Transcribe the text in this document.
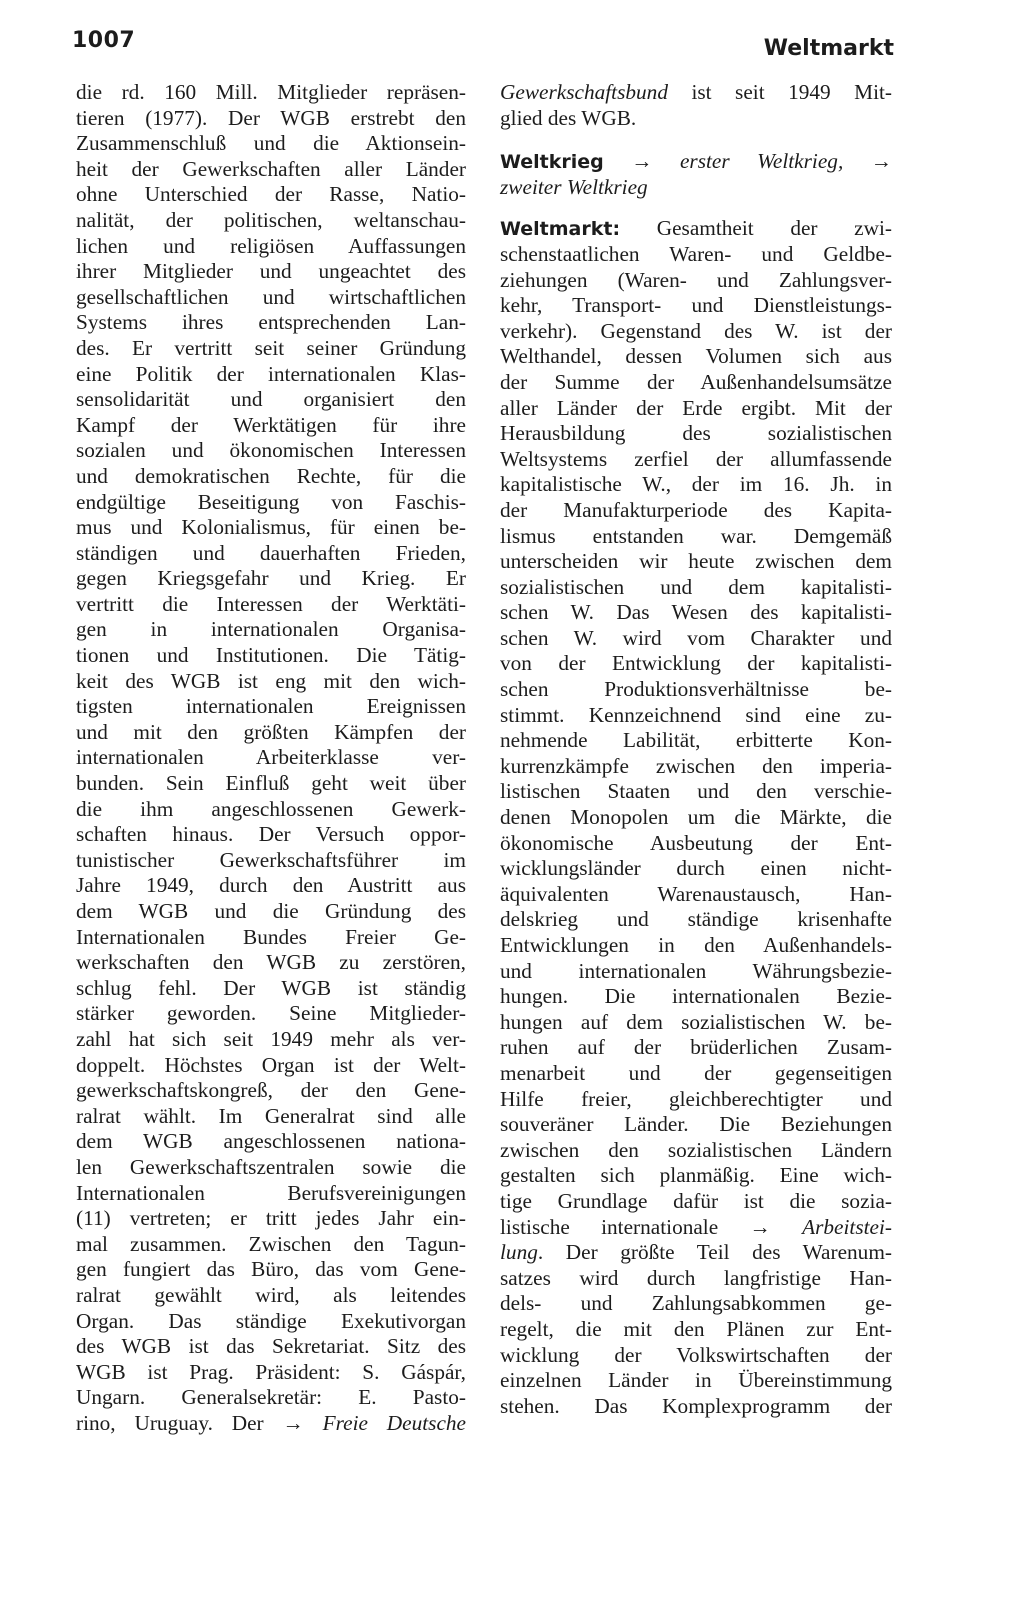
1007	Weltmarkt
die rd. 160 Mill. Mitglieder repräsen-
tieren (1977). Der WGB erstrebt den
Zusammenschluß und die Aktionsein-
heit der Gewerkschaften aller Länder
ohne Unterschied der Rasse, Natio-
nalität, der politischen, weltanschau-
lichen und religiösen Auffassungen
ihrer Mitglieder und ungeachtet des
gesellschaftlichen und wirtschaftlichen
Systems ihres entsprechenden Lan-
des. Er vertritt seit seiner Gründung
eine Politik der internationalen Klas-
sensolidarität und organisiert den
Kampf der Werktätigen für ihre
sozialen und ökonomischen Interessen
und demokratischen Rechte, für die
endgültige Beseitigung von Faschis-
mus und Kolonialismus, für einen be-
ständigen und dauerhaften Frieden,
gegen Kriegsgefahr und Krieg. Er
vertritt die Interessen der Werktäti-
gen in internationalen Organisa-
tionen und Institutionen. Die Tätig-
keit des WGB ist eng mit den wich-
tigsten internationalen Ereignissen
und mit den größten Kämpfen der
internationalen Arbeiterklasse ver-
bunden. Sein Einfluß geht weit über
die ihm angeschlossenen Gewerk-
schaften hinaus. Der Versuch oppor-
tunistischer Gewerkschaftsführer im
Jahre 1949, durch den Austritt aus
dem WGB und die Gründung des
Internationalen Bundes Freier Ge-
werkschaften den WGB zu zerstören,
schlug fehl. Der WGB ist ständig
stärker geworden. Seine Mitglieder-
zahl hat sich seit 1949 mehr als ver-
doppelt. Höchstes Organ ist der Welt-
gewerkschaftskongreß, der den Gene-
ralrat wählt. Im Generalrat sind alle
dem WGB angeschlossenen nationa-
len Gewerkschaftszentralen sowie die
Internationalen Berufsvereinigungen
(11) vertreten; er tritt jedes Jahr ein-
mal zusammen. Zwischen den Tagun-
gen fungiert das Büro, das vom Gene-
ralrat gewählt wird, als leitendes
Organ. Das ständige Exekutivorgan
des WGB ist das Sekretariat. Sitz des
WGB ist Prag. Präsident: S. Gáspár,
Ungarn. Generalsekretär: E. Pasto-
rino, Uruguay. Der → Freie Deutsche
Gewerkschaftsbund ist seit 1949 Mit-
glied des WGB.
Weltkrieg → erster Weltkrieg, →
zweiter Weltkrieg
Weltmarkt: Gesamtheit der zwi-
schenstaatlichen Waren- und Geldbe-
ziehungen (Waren- und Zahlungsver-
kehr, Transport- und Dienstleistungs-
verkehr). Gegenstand des W. ist der
Welthandel, dessen Volumen sich aus
der Summe der Außenhandelsumsätze
aller Länder der Erde ergibt. Mit der
Herausbildung des sozialistischen
Weltsystems zerfiel der allumfassende
kapitalistische W., der im 16. Jh. in
der Manufakturperiode des Kapita-
lismus entstanden war. Demgemäß
unterscheiden wir heute zwischen dem
sozialistischen und dem kapitalisti-
schen W. Das Wesen des kapitalisti-
schen W. wird vom Charakter und
von der Entwicklung der kapitalisti-
schen Produktionsverhältnisse be-
stimmt. Kennzeichnend sind eine zu-
nehmende Labilität, erbitterte Kon-
kurrenzkämpfe zwischen den imperia-
listischen Staaten und den verschie-
denen Monopolen um die Märkte, die
ökonomische Ausbeutung der Ent-
wicklungsländer durch einen nicht-
äquivalenten Warenaustausch, Han-
delskrieg und ständige krisenhafte
Entwicklungen in den Außenhandels-
und internationalen Währungsbezie-
hungen. Die internationalen Bezie-
hungen auf dem sozialistischen W. be-
ruhen auf der brüderlichen Zusam-
menarbeit und der gegenseitigen
Hilfe freier, gleichberechtigter und
souveräner Länder. Die Beziehungen
zwischen den sozialistischen Ländern
gestalten sich planmäßig. Eine wich-
tige Grundlage dafür ist die sozia-
listische internationale → Arbeitstei-
lung. Der größte Teil des Warenum-
satzes wird durch langfristige Han-
dels- und Zahlungsabkommen ge-
regelt, die mit den Plänen zur Ent-
wicklung der Volkswirtschaften der
einzelnen Länder in Übereinstimmung
stehen. Das Komplexprogramm der
